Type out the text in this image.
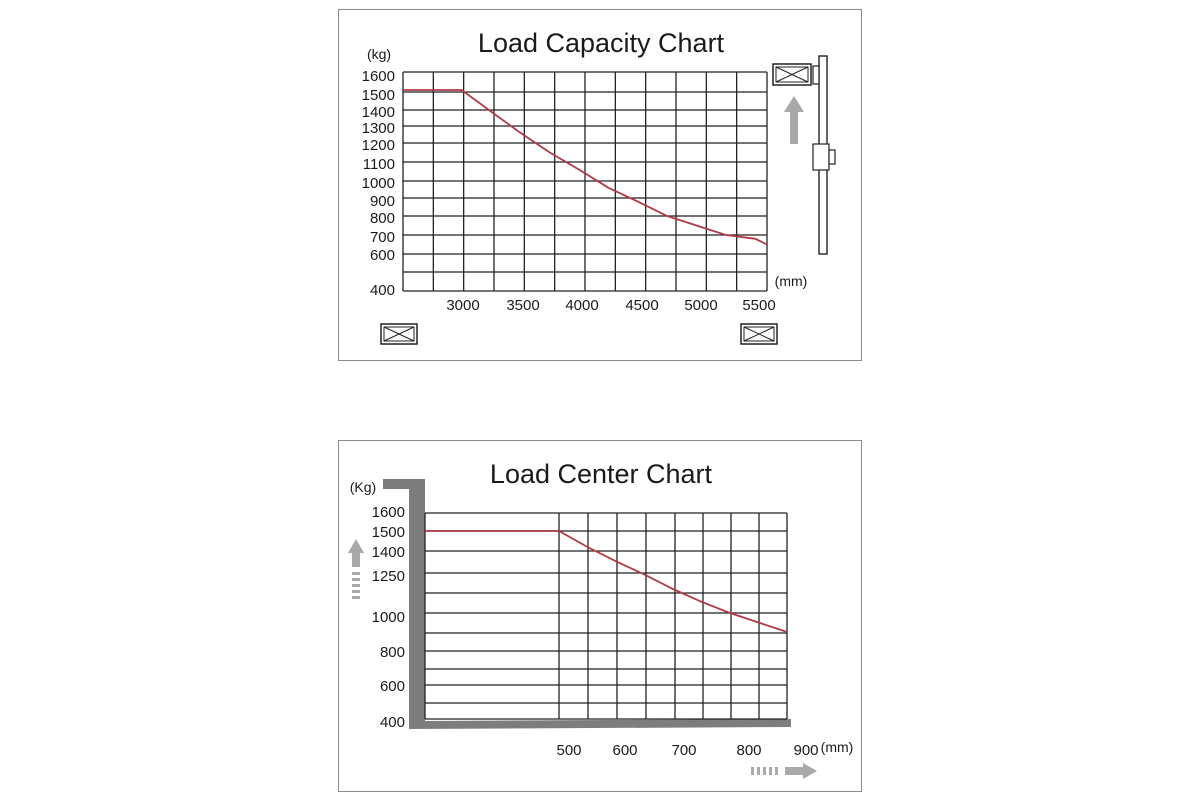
Load Capacity Chart
(kg)
(mm)
1600
1500
1400
1300
1200
1100
1000
900
800
700
600
400
3000 3500 4000 4500 5000 5500
Load Center Chart
(Kg)
(mm)
1600
1500
1400
1250
1000
800
600
400
500 600 700	800 900
